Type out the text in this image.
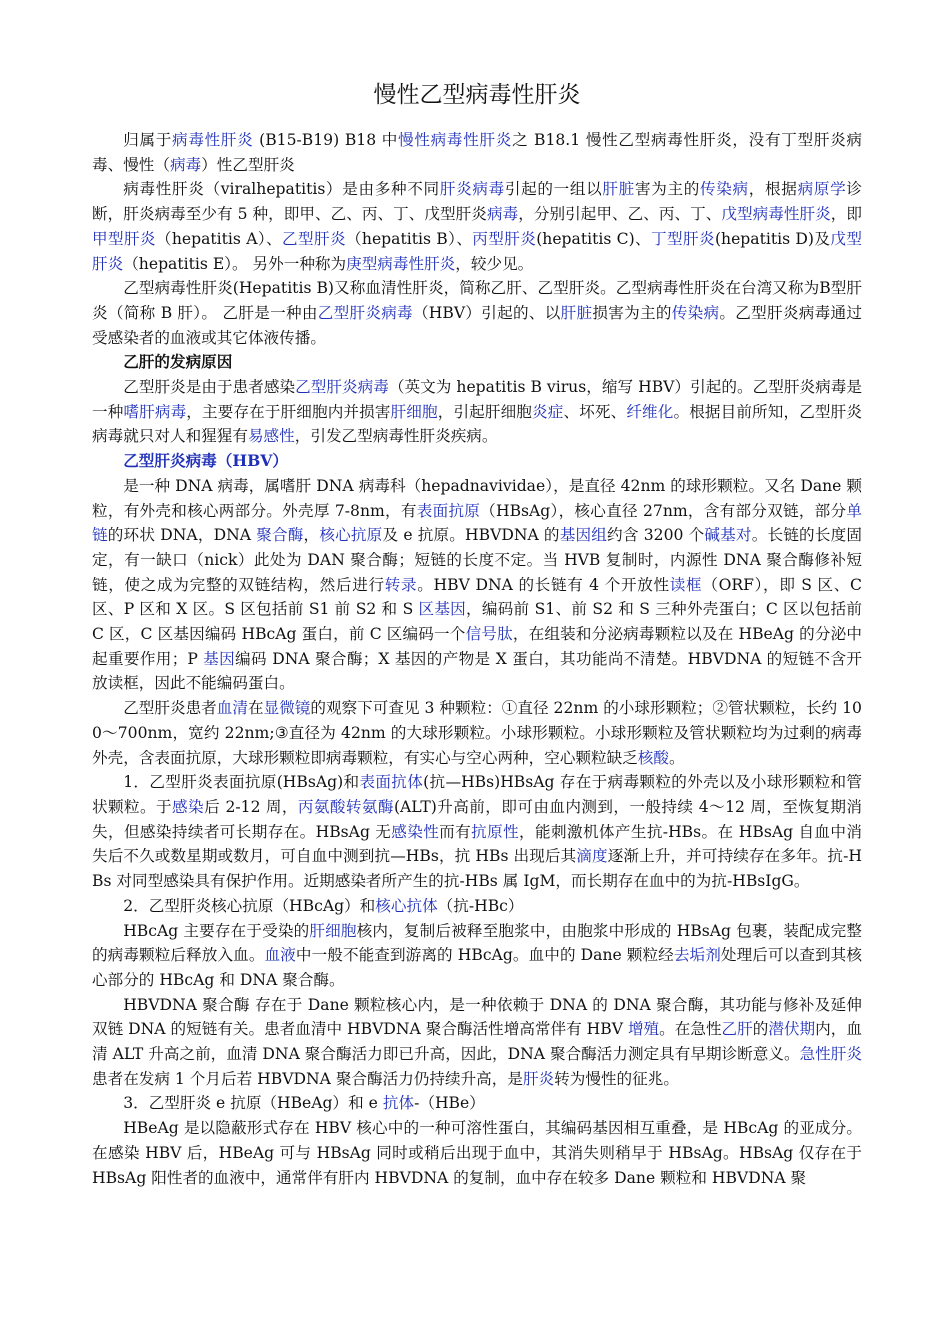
慢性乙型病毒性肝炎

归属于病毒性肝炎 (B15-B19) B18 中慢性病毒性肝炎之 B18.1 慢性乙型病毒性肝炎，没有丁型肝炎病毒、慢性（病毒）性乙型肝炎

病毒性肝炎（viralhepatitis）是由多种不同肝炎病毒引起的一组以肝脏害为主的传染病，根据病原学诊断，肝炎病毒至少有 5 种，即甲、乙、丙、丁、戊型肝炎病毒，分别引起甲、乙、丙、丁、戊型病毒性肝炎，即甲型肝炎（hepatitis A）、乙型肝炎（hepatitis B）、丙型肝炎(hepatitis C)、丁型肝炎(hepatitis D)及戊型肝炎（hepatitis E）。 另外一种称为庚型病毒性肝炎，较少见。

乙型病毒性肝炎(Hepatitis B)又称血清性肝炎，简称乙肝、乙型肝炎。乙型病毒性肝炎在台湾又称为B型肝炎（简称 B 肝）。 乙肝是一种由乙型肝炎病毒（HBV）引起的、以肝脏损害为主的传染病。乙型肝炎病毒通过受感染者的血液或其它体液传播。

乙肝的发病原因

乙型肝炎是由于患者感染乙型肝炎病毒（英文为 hepatitis B virus，缩写 HBV）引起的。乙型肝炎病毒是一种嗜肝病毒，主要存在于肝细胞内并损害肝细胞，引起肝细胞炎症、坏死、纤维化。根据目前所知，乙型肝炎病毒就只对人和猩猩有易感性，引发乙型病毒性肝炎疾病。

乙型肝炎病毒（HBV）

是一种 DNA 病毒，属嗜肝 DNA 病毒科（hepadnavividae），是直径 42nm 的球形颗粒。又名 Dane 颗粒，有外壳和核心两部分。外壳厚 7-8nm，有表面抗原（HBsAg），核心直径 27nm，含有部分双链，部分单链的环状 DNA，DNA 聚合酶，核心抗原及 e 抗原。HBVDNA 的基因组约含 3200 个碱基对。长链的长度固定，有一缺口（nick）此处为 DAN 聚合酶；短链的长度不定。当 HVB 复制时，内源性 DNA 聚合酶修补短链，使之成为完整的双链结构，然后进行转录。HBV DNA 的长链有 4 个开放性读框（ORF），即 S 区、C 区、P 区和 X 区。S 区包括前 S1 前 S2 和 S 区基因，编码前 S1、前 S2 和 S 三种外壳蛋白；C 区以包括前 C 区，C 区基因编码 HBcAg 蛋白，前 C 区编码一个信号肽，在组装和分泌病毒颗粒以及在 HBeAg 的分泌中起重要作用；P 基因编码 DNA 聚合酶；X 基因的产物是 X 蛋白，其功能尚不清楚。HBVDNA 的短链不含开放读框，因此不能编码蛋白。

乙型肝炎患者血清在显微镜的观察下可查见 3 种颗粒：①直径 22nm 的小球形颗粒；②管状颗粒，长约 100～700nm，宽约 22nm;③直径为 42nm 的大球形颗粒。小球形颗粒。小球形颗粒及管状颗粒均为过剩的病毒外壳，含表面抗原，大球形颗粒即病毒颗粒，有实心与空心两种，空心颗粒缺乏核酸。

1．乙型肝炎表面抗原(HBsAg)和表面抗体(抗—HBs)HBsAg 存在于病毒颗粒的外壳以及小球形颗粒和管状颗粒。于感染后 2-12 周，丙氨酸转氨酶(ALT)升高前，即可由血内测到，一般持续 4～12 周，至恢复期消失，但感染持续者可长期存在。HBsAg 无感染性而有抗原性，能刺激机体产生抗-HBs。在 HBsAg 自血中消失后不久或数星期或数月，可自血中测到抗—HBs，抗 HBs 出现后其滴度逐渐上升，并可持续存在多年。抗-HBs 对同型感染具有保护作用。近期感染者所产生的抗-HBs 属 IgM，而长期存在血中的为抗-HBsIgG。

2．乙型肝炎核心抗原（HBcAg）和核心抗体（抗-HBc）

HBcAg 主要存在于受染的肝细胞核内，复制后被释至胞浆中，由胞浆中形成的 HBsAg 包裹，装配成完整的病毒颗粒后释放入血。血液中一般不能查到游离的 HBcAg。血中的 Dane 颗粒经去垢剂处理后可以查到其核心部分的 HBcAg 和 DNA 聚合酶。

HBVDNA 聚合酶 存在于 Dane 颗粒核心内，是一种依赖于 DNA 的 DNA 聚合酶，其功能与修补及延伸双链 DNA 的短链有关。患者血清中 HBVDNA 聚合酶活性增高常伴有 HBV 增殖。在急性乙肝的潜伏期内，血清 ALT 升高之前，血清 DNA 聚合酶活力即已升高，因此，DNA 聚合酶活力测定具有早期诊断意义。急性肝炎患者在发病 1 个月后若 HBVDNA 聚合酶活力仍持续升高，是肝炎转为慢性的征兆。

3．乙型肝炎 e 抗原（HBeAg）和 e 抗体-（HBe）

HBeAg 是以隐蔽形式存在 HBV 核心中的一种可溶性蛋白，其编码基因相互重叠，是 HBcAg 的亚成分。在感染 HBV 后，HBeAg 可与 HBsAg 同时或稍后出现于血中，其消失则稍早于 HBsAg。HBsAg 仅存在于 HBsAg 阳性者的血液中，通常伴有肝内 HBVDNA 的复制，血中存在较多 Dane 颗粒和 HBVDNA 聚
